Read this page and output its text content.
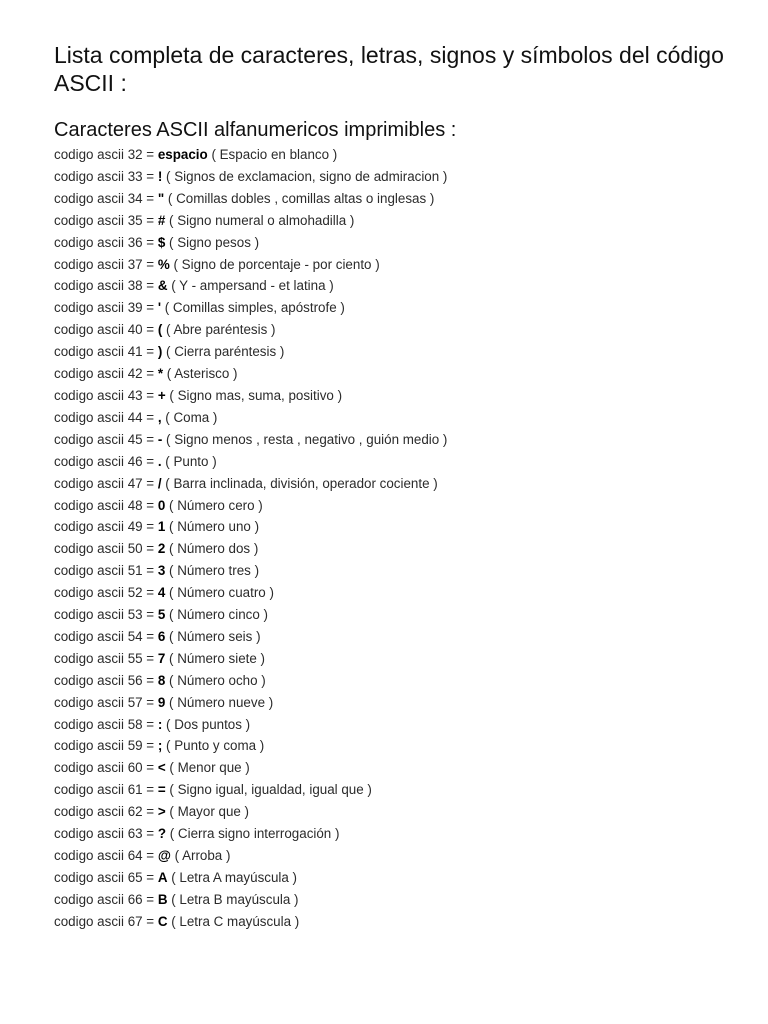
Lista completa de caracteres, letras, signos y símbolos del código ASCII :
Caracteres ASCII alfanumericos imprimibles :
codigo ascii 32 = espacio ( Espacio en blanco )
codigo ascii 33 = ! ( Signos de exclamacion, signo de admiracion )
codigo ascii 34 = " ( Comillas dobles , comillas altas o inglesas )
codigo ascii 35 = # ( Signo numeral o almohadilla )
codigo ascii 36 = $ ( Signo pesos )
codigo ascii 37 = % ( Signo de porcentaje - por ciento )
codigo ascii 38 = & ( Y - ampersand - et latina )
codigo ascii 39 = ' ( Comillas simples, apóstrofe )
codigo ascii 40 = ( ( Abre paréntesis )
codigo ascii 41 = ) ( Cierra paréntesis )
codigo ascii 42 = * ( Asterisco )
codigo ascii 43 = + ( Signo mas, suma, positivo )
codigo ascii 44 = , ( Coma )
codigo ascii 45 = - ( Signo menos , resta , negativo , guión medio )
codigo ascii 46 = . ( Punto )
codigo ascii 47 = / ( Barra inclinada, división, operador cociente )
codigo ascii 48 = 0 ( Número cero )
codigo ascii 49 = 1 ( Número uno )
codigo ascii 50 = 2 ( Número dos )
codigo ascii 51 = 3 ( Número tres )
codigo ascii 52 = 4 ( Número cuatro )
codigo ascii 53 = 5 ( Número cinco )
codigo ascii 54 = 6 ( Número seis )
codigo ascii 55 = 7 ( Número siete )
codigo ascii 56 = 8 ( Número ocho )
codigo ascii 57 = 9 ( Número nueve )
codigo ascii 58 = : ( Dos puntos )
codigo ascii 59 = ; ( Punto y coma )
codigo ascii 60 = < ( Menor que )
codigo ascii 61 = = ( Signo igual, igualdad, igual que )
codigo ascii 62 = > ( Mayor que )
codigo ascii 63 = ? ( Cierra signo interrogación )
codigo ascii 64 = @ ( Arroba )
codigo ascii 65 = A ( Letra A mayúscula )
codigo ascii 66 = B ( Letra B mayúscula )
codigo ascii 67 = C ( Letra C mayúscula )
